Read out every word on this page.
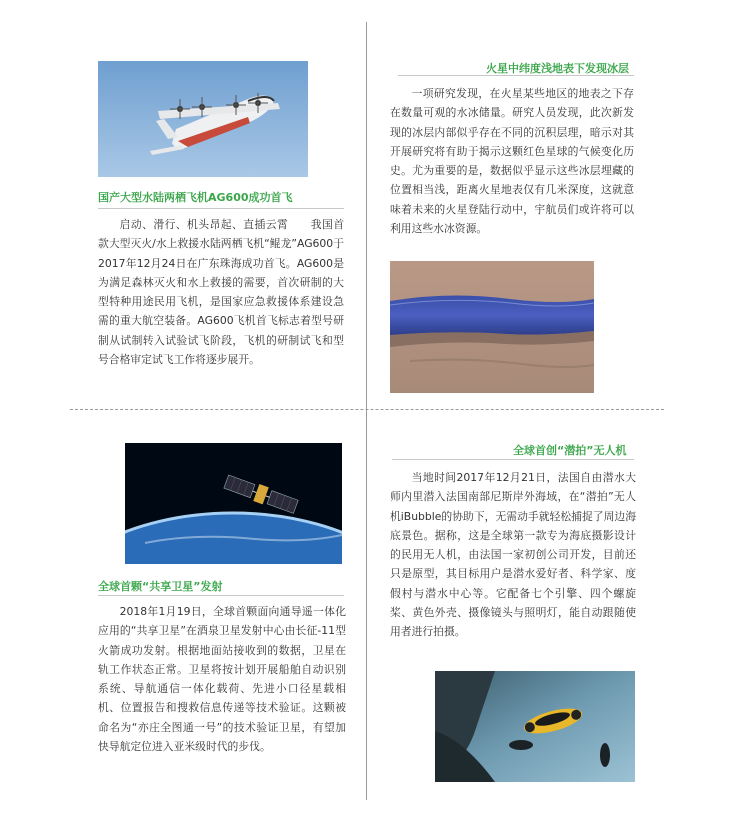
国产大型水陆两栖飞机AG600成功首飞

启动、滑行、机头昂起、直插云霄　　我国首款大型灭火/水上救援水陆两栖飞机“鲲龙”AG600于2017年12月24日在广东珠海成功首飞。AG600是为满足森林灭火和水上救援的需要，首次研制的大型特种用途民用飞机，是国家应急救援体系建设急需的重大航空装备。AG600飞机首飞标志着型号研制从试制转入试验试飞阶段，飞机的研制试飞和型号合格审定试飞工作将逐步展开。

火星中纬度浅地表下发现冰层

一项研究发现，在火星某些地区的地表之下存在数量可观的水冰储量。研究人员发现，此次新发现的冰层内部似乎存在不同的沉积层理，暗示对其开展研究将有助于揭示这颗红色星球的气候变化历史。尤为重要的是，数据似乎显示这些冰层埋藏的位置相当浅，距离火星地表仅有几米深度，这就意味着未来的火星登陆行动中，宇航员们或许将可以利用这些水冰资源。

全球首颗“共享卫星”发射

2018年1月19日，全球首颗面向通导遥一体化应用的“共享卫星”在酒泉卫星发射中心由长征-11型火箭成功发射。根据地面站接收到的数据，卫星在轨工作状态正常。卫星将按计划开展船舶自动识别系统、导航通信一体化载荷、先进小口径星载相机、位置报告和搜救信息传递等技术验证。这颗被命名为“亦庄全图通一号”的技术验证卫星，有望加快导航定位进入亚米级时代的步伐。

全球首创“潜拍”无人机

当地时间2017年12月21日，法国自由潜水大师内里潜入法国南部尼斯岸外海域，在“潜拍”无人机iBubble的协助下，无需动手就轻松捕捉了周边海底景色。据称，这是全球第一款专为海底摄影设计的民用无人机，由法国一家初创公司开发，目前还只是原型，其目标用户是潜水爱好者、科学家、度假村与潜水中心等。它配备七个引擎、四个螺旋桨、黄色外壳、摄像镜头与照明灯，能自动跟随使用者进行拍摄。
